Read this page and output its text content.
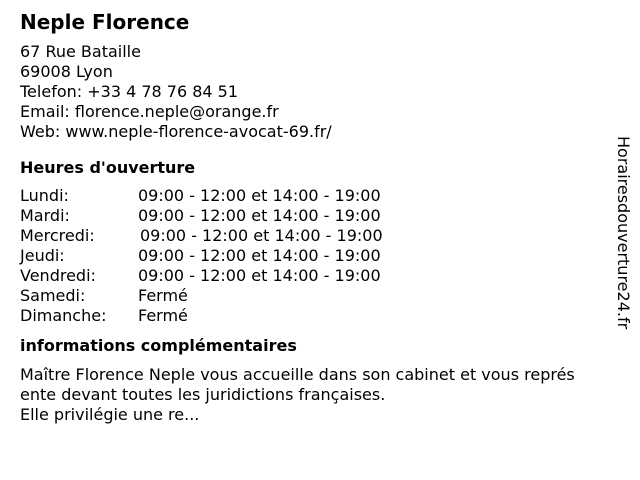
Neple Florence
67 Rue Bataille
69008 Lyon
Telefon: +33 4 78 76 84 51
Email: florence.neple@orange.fr
Web: www.neple-florence-avocat-69.fr/
Heures d'ouverture
Lundi:	09:00 - 12:00 et 14:00 - 19:00
Mardi:	09:00 - 12:00 et 14:00 - 19:00
Mercredi:	09:00 - 12:00 et 14:00 - 19:00
Jeudi:	09:00 - 12:00 et 14:00 - 19:00
Vendredi:	09:00 - 12:00 et 14:00 - 19:00
Samedi:	Fermé
Dimanche: Fermé
informations complémentaires
Maître Florence Neple vous accueille dans son cabinet et vous représ
ente devant toutes les juridictions françaises.
Elle privilégie une re...
Horairesdouverture24.fr
